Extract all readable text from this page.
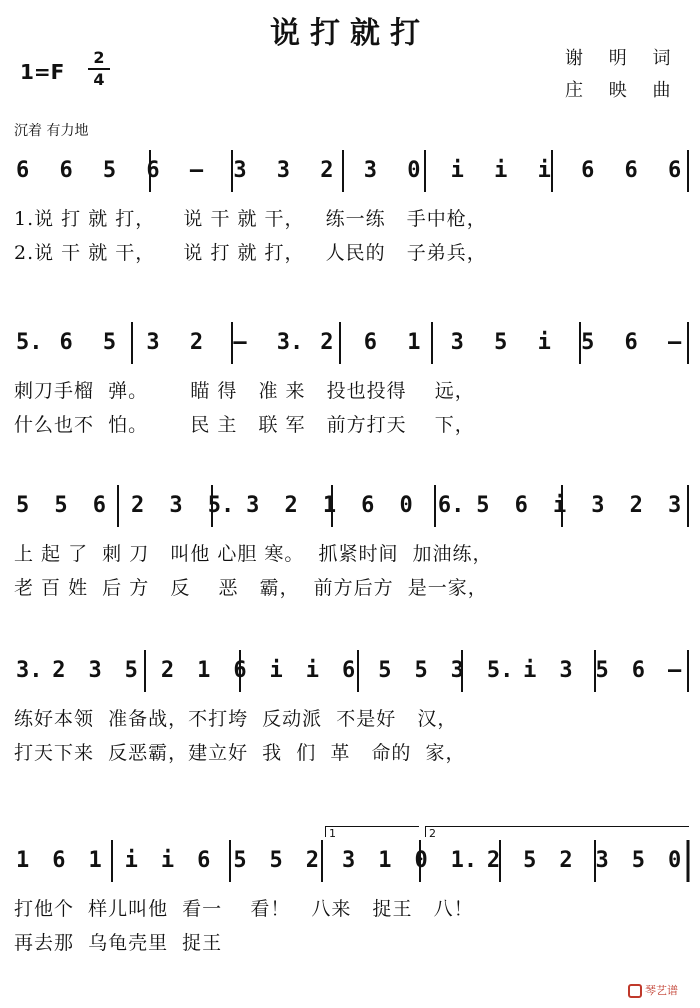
说打就打
1=F
2
4
谢 明 词
庄 映 曲
沉着 有力地
6 6 5 6 – 3 3 2 3 0 i i i 6 6 6
1.说 打 就 打，    说 干 就 干，   练一练   手中枪，
2.说 干 就 干，    说 打 就 打，   人民的   子弟兵，
5. 6 5 3 2 – 3. 2 6 1 3 5 i 5 6 –
刺刀手榴  弹。      瞄 得   准 来   投也投得    远，
什么也不  怕。      民 主   联 军   前方打天    下，
5 5 6 2 3 5. 3 2 1 6 0 6. 5 6 i 3 2 3
上 起 了  刺 刀   叫他 心胆 寒。  抓紧时间  加油练，
老 百 姓  后 方   反    恶   霸，  前方后方  是一家，
3. 2 3 5 2 1 6 i i 6 5 5 3 5. i 3 5 6 –
练好本领  准备战，不打垮  反动派  不是好   汉，
打天下来  反恶霸，建立好  我  们  革   命的  家，
1 6 1 i i 6 5 5 2 3 1 0 1. 2 5 2 3 5 0
1	2
打他个  样儿叫他  看一    看！   八来   捉王   八！
再去那  乌龟壳里  捉王
琴艺谱
